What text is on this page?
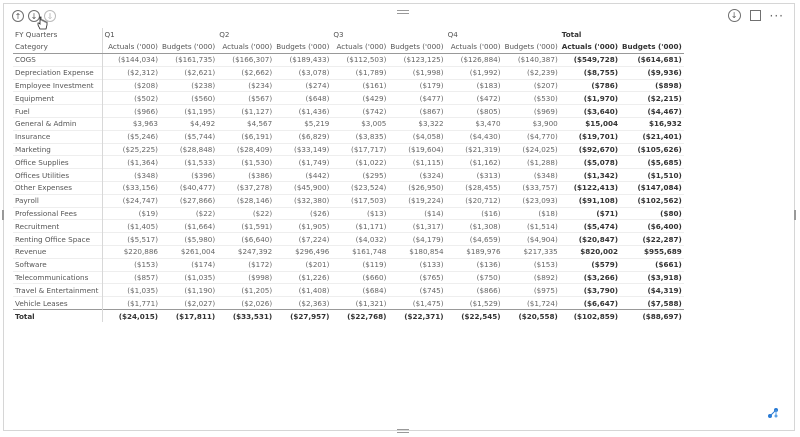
↑	↓	⇓	↓	···
FY Quarters	Q1		Q2		Q3		Q4		Total	
Category	Actuals ('000)	Budgets ('000)	Actuals ('000)	Budgets ('000)	Actuals ('000)	Budgets ('000)	Actuals ('000)	Budgets ('000)	Actuals ('000)	Budgets ('000)
COGS	($144,034)	($161,735)	($166,307)	($189,433)	($112,503)	($123,125)	($126,884)	($140,387)	($549,728)	($614,681)
Depreciation Expense	($2,312)	($2,621)	($2,662)	($3,078)	($1,789)	($1,998)	($1,992)	($2,239)	($8,755)	($9,936)
Employee Investment	($208)	($238)	($234)	($274)	($161)	($179)	($183)	($207)	($786)	($898)
Equipment	($502)	($560)	($567)	($648)	($429)	($477)	($472)	($530)	($1,970)	($2,215)
Fuel	($966)	($1,195)	($1,127)	($1,436)	($742)	($867)	($805)	($969)	($3,640)	($4,467)
General & Admin	$3,963	$4,492	$4,567	$5,219	$3,005	$3,322	$3,470	$3,900	$15,004	$16,932
Insurance	($5,246)	($5,744)	($6,191)	($6,829)	($3,835)	($4,058)	($4,430)	($4,770)	($19,701)	($21,401)
Marketing	($25,225)	($28,848)	($28,409)	($33,149)	($17,717)	($19,604)	($21,319)	($24,025)	($92,670)	($105,626)
Office Supplies	($1,364)	($1,533)	($1,530)	($1,749)	($1,022)	($1,115)	($1,162)	($1,288)	($5,078)	($5,685)
Offices Utilities	($348)	($396)	($386)	($442)	($295)	($324)	($313)	($348)	($1,342)	($1,510)
Other Expenses	($33,156)	($40,477)	($37,278)	($45,900)	($23,524)	($26,950)	($28,455)	($33,757)	($122,413)	($147,084)
Payroll	($24,747)	($27,866)	($28,146)	($32,380)	($17,503)	($19,224)	($20,712)	($23,093)	($91,108)	($102,562)
Professional Fees	($19)	($22)	($22)	($26)	($13)	($14)	($16)	($18)	($71)	($80)
Recruitment	($1,405)	($1,664)	($1,591)	($1,905)	($1,171)	($1,317)	($1,308)	($1,514)	($5,474)	($6,400)
Renting Office Space	($5,517)	($5,980)	($6,640)	($7,224)	($4,032)	($4,179)	($4,659)	($4,904)	($20,847)	($22,287)
Revenue	$220,886	$261,004	$247,392	$296,496	$161,748	$180,854	$189,976	$217,335	$820,002	$955,689
Software	($153)	($174)	($172)	($201)	($119)	($133)	($136)	($153)	($579)	($661)
Telecommunications	($857)	($1,035)	($998)	($1,226)	($660)	($765)	($750)	($892)	($3,266)	($3,918)
Travel & Entertainment	($1,035)	($1,190)	($1,205)	($1,408)	($684)	($745)	($866)	($975)	($3,790)	($4,319)
Vehicle Leases	($1,771)	($2,027)	($2,026)	($2,363)	($1,321)	($1,475)	($1,529)	($1,724)	($6,647)	($7,588)
Total	($24,015)	($17,811)	($33,531)	($27,957)	($22,768)	($22,371)	($22,545)	($20,558)	($102,859)	($88,697)
